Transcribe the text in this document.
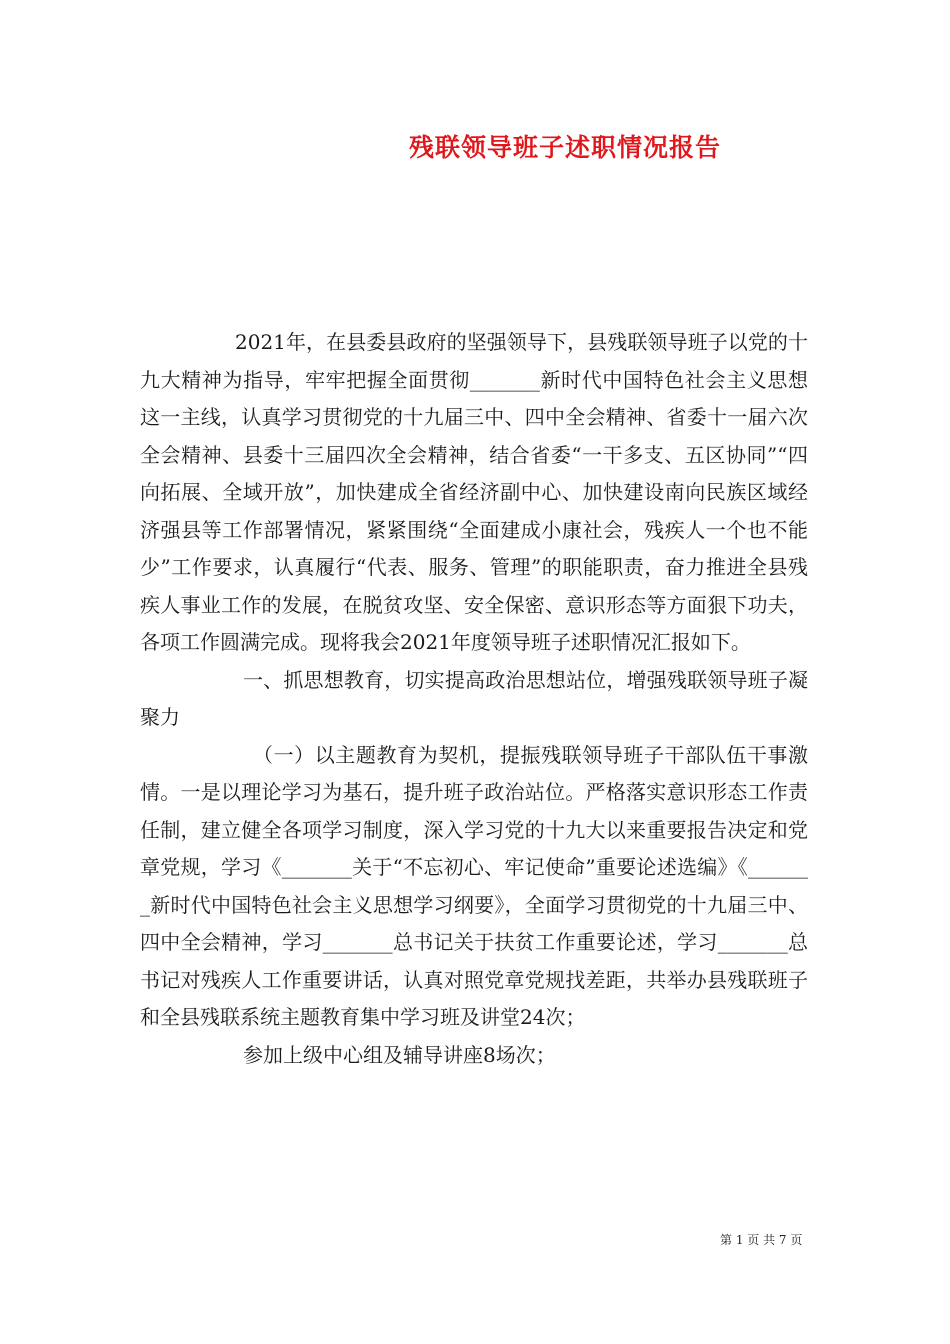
残联领导班子述职情况报告

2021年，在县委县政府的坚强领导下，县残联领导班子以党的十九大精神为指导，牢牢把握全面贯彻_______新时代中国特色社会主义思想这一主线，认真学习贯彻党的十九届三中、四中全会精神、省委十一届六次全会精神、县委十三届四次全会精神，结合省委“一干多支、五区协同”“四向拓展、全域开放”，加快建成全省经济副中心、加快建设南向民族区域经济强县等工作部署情况，紧紧围绕“全面建成小康社会，残疾人一个也不能少”工作要求，认真履行“代表、服务、管理”的职能职责，奋力推进全县残疾人事业工作的发展，在脱贫攻坚、安全保密、意识形态等方面狠下功夫，各项工作圆满完成。现将我会2021年度领导班子述职情况汇报如下。

一、抓思想教育，切实提高政治思想站位，增强残联领导班子凝聚力

（一）以主题教育为契机，提振残联领导班子干部队伍干事激情。一是以理论学习为基石，提升班子政治站位。严格落实意识形态工作责任制，建立健全各项学习制度，深入学习党的十九大以来重要报告决定和党章党规，学习《_______关于“不忘初心、牢记使命”重要论述选编》《_______新时代中国特色社会主义思想学习纲要》，全面学习贯彻党的十九届三中、四中全会精神，学习_______总书记关于扶贫工作重要论述，学习_______总书记对残疾人工作重要讲话，认真对照党章党规找差距，共举办县残联班子和全县残联系统主题教育集中学习班及讲堂24次；

参加上级中心组及辅导讲座8场次；

第 1 页 共 7 页
